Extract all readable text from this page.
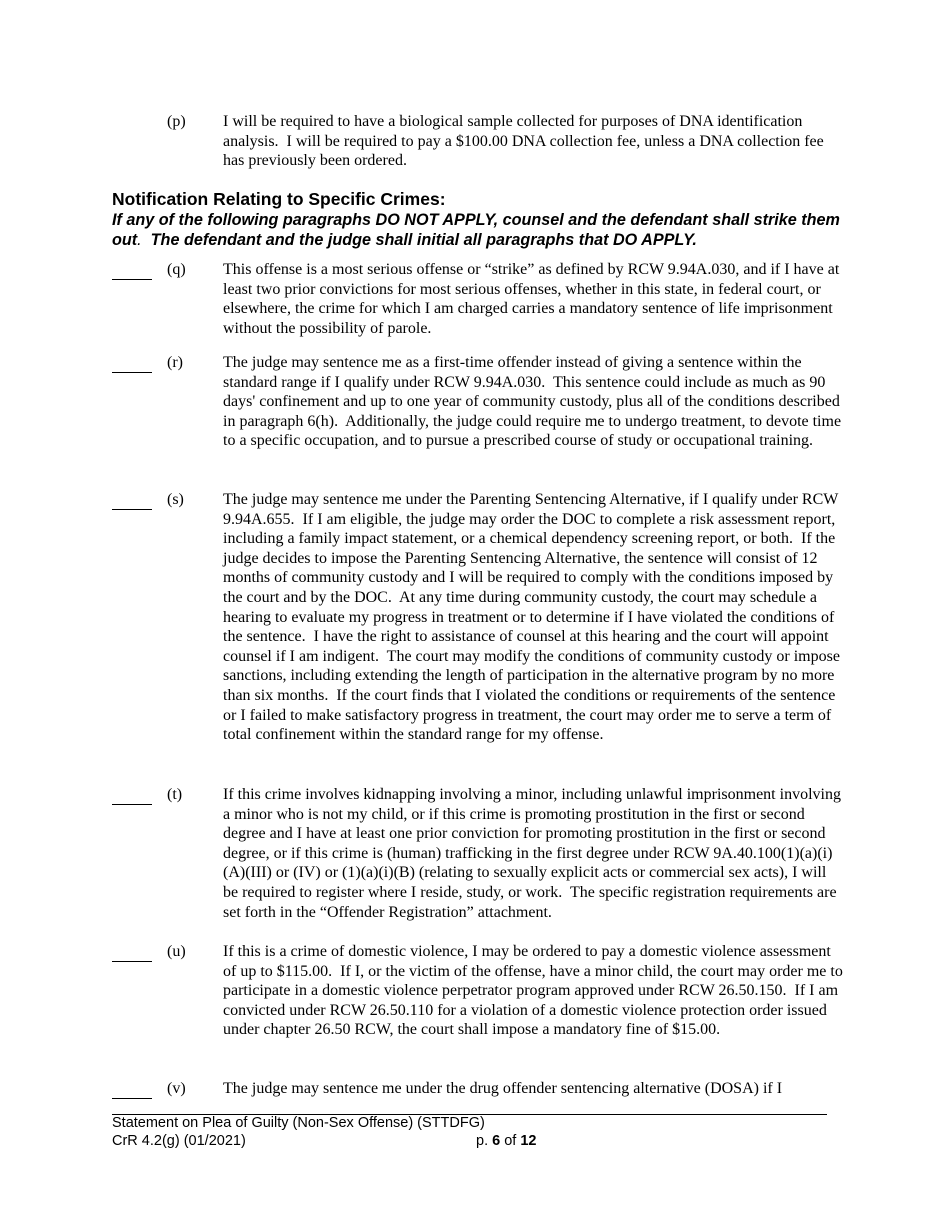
(p) I will be required to have a biological sample collected for purposes of DNA identification analysis.  I will be required to pay a $100.00 DNA collection fee, unless a DNA collection fee has previously been ordered.
Notification Relating to Specific Crimes:
If any of the following paragraphs DO NOT APPLY, counsel and the defendant shall strike them out.  The defendant and the judge shall initial all paragraphs that DO APPLY.
(q) This offense is a most serious offense or “strike” as defined by RCW 9.94A.030, and if I have at least two prior convictions for most serious offenses, whether in this state, in federal court, or elsewhere, the crime for which I am charged carries a mandatory sentence of life imprisonment without the possibility of parole.
(r)	The judge may sentence me as a first-time offender instead of giving a sentence within the standard range if I qualify under RCW 9.94A.030.  This sentence could include as much as 90 days' confinement and up to one year of community custody, plus all of the conditions described in paragraph 6(h).  Additionally, the judge could require me to undergo treatment, to devote time to a specific occupation, and to pursue a prescribed course of study or occupational training.
(s) The judge may sentence me under the Parenting Sentencing Alternative, if I qualify under RCW 9.94A.655.  If I am eligible, the judge may order the DOC to complete a risk assessment report, including a family impact statement, or a chemical dependency screening report, or both.  If the judge decides to impose the Parenting Sentencing Alternative, the sentence will consist of 12 months of community custody and I will be required to comply with the conditions imposed by the court and by the DOC.  At any time during community custody, the court may schedule a hearing to evaluate my progress in treatment or to determine if I have violated the conditions of the sentence.  I have the right to assistance of counsel at this hearing and the court will appoint counsel if I am indigent.  The court may modify the conditions of community custody or impose sanctions, including extending the length of participation in the alternative program by no more than six months.  If the court finds that I violated the conditions or requirements of the sentence or I failed to make satisfactory progress in treatment, the court may order me to serve a term of total confinement within the standard range for my offense.
(t)	If this crime involves kidnapping involving a minor, including unlawful imprisonment involving a minor who is not my child, or if this crime is promoting prostitution in the first or second degree and I have at least one prior conviction for promoting prostitution in the first or second degree, or if this crime is (human) trafficking in the first degree under RCW 9A.40.100(1)(a)(i)(A)(III) or (IV) or (1)(a)(i)(B) (relating to sexually explicit acts or commercial sex acts), I will be required to register where I reside, study, or work.  The specific registration requirements are set forth in the “Offender Registration” attachment.
(u) If this is a crime of domestic violence, I may be ordered to pay a domestic violence assessment of up to $115.00.  If I, or the victim of the offense, have a minor child, the court may order me to participate in a domestic violence perpetrator program approved under RCW 26.50.150.  If I am convicted under RCW 26.50.110 for a violation of a domestic violence protection order issued under chapter 26.50 RCW, the court shall impose a mandatory fine of $15.00.
(v) The judge may sentence me under the drug offender sentencing alternative (DOSA) if I
Statement on Plea of Guilty (Non-Sex Offense) (STTDFG)
CrR 4.2(g) (01/2021)	p. 6 of 12
